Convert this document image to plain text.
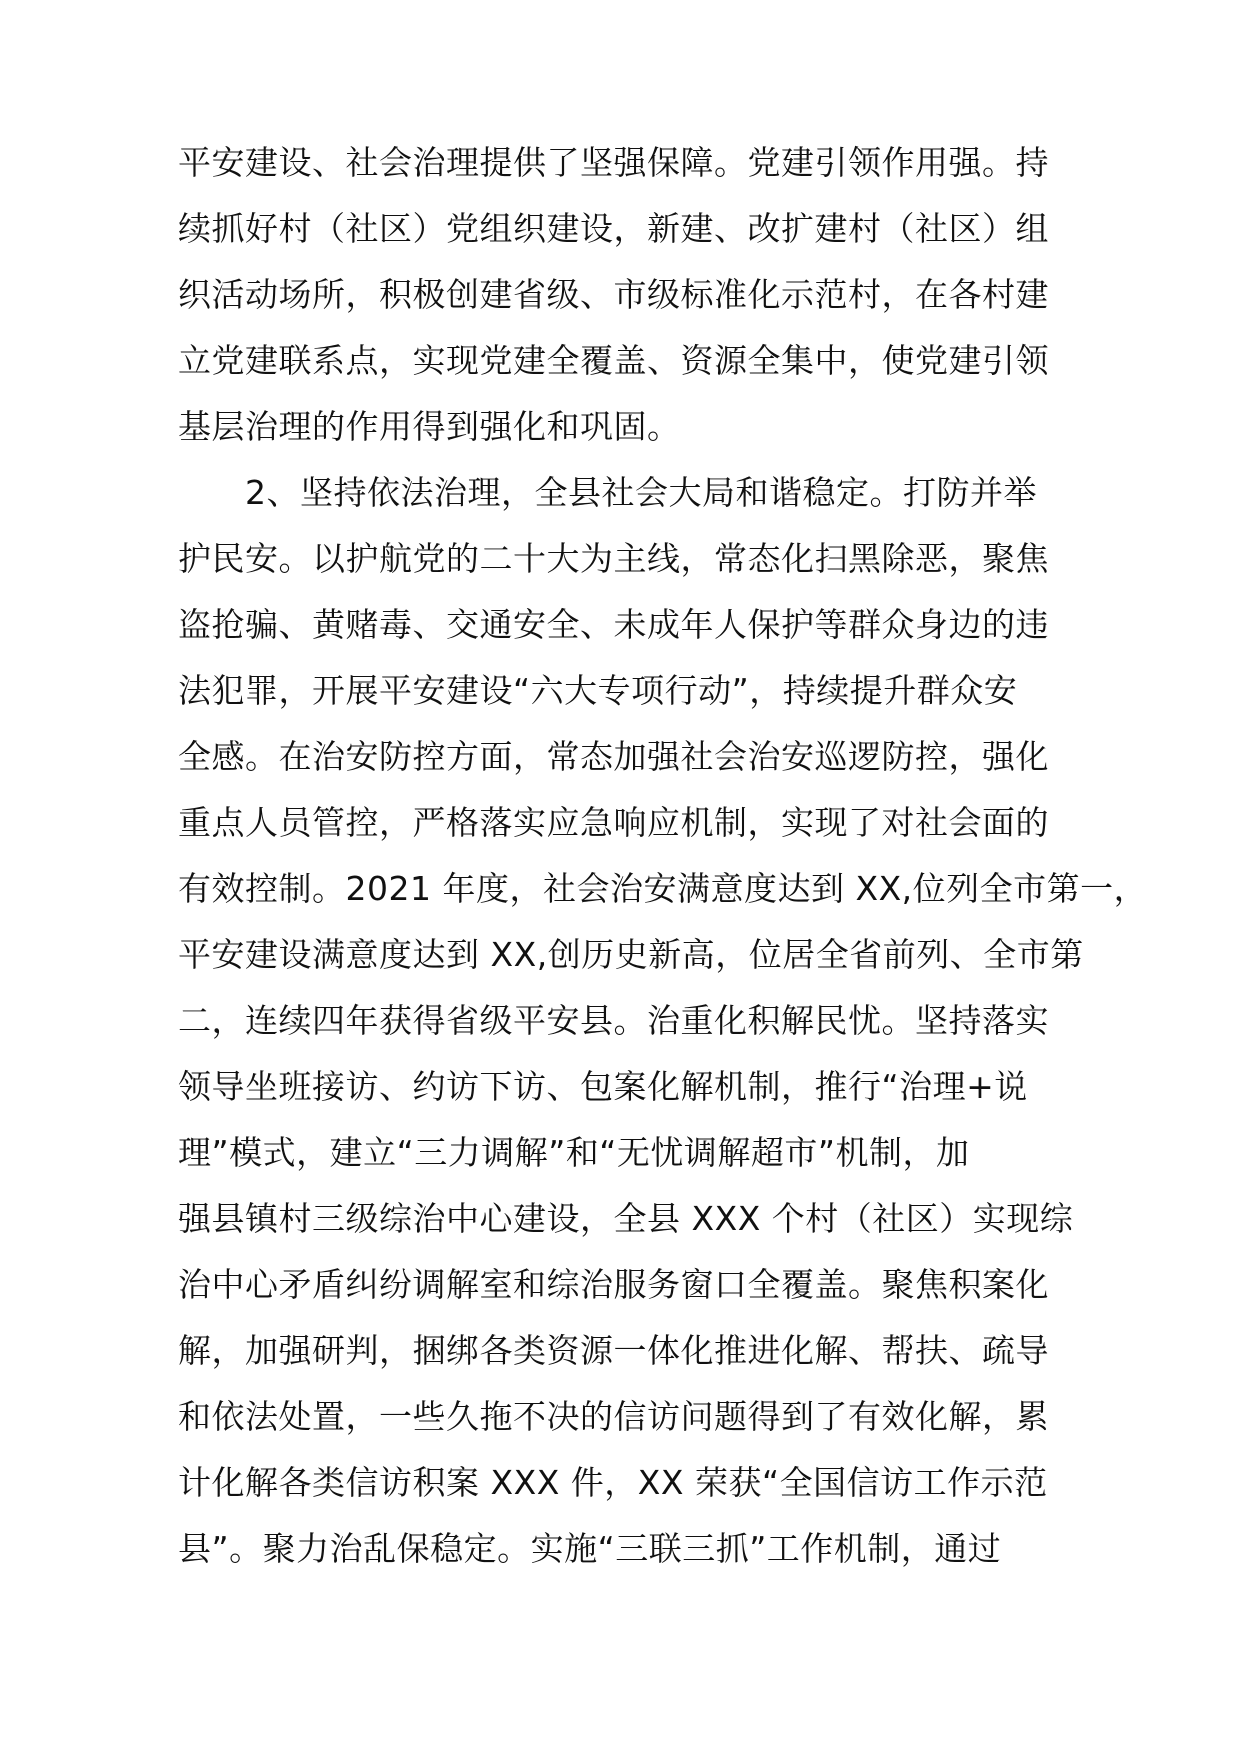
平安建设、社会治理提供了坚强保障。党建引领作用强。持
续抓好村（社区）党组织建设，新建、改扩建村（社区）组
织活动场所，积极创建省级、市级标准化示范村，在各村建
立党建联系点，实现党建全覆盖、资源全集中，使党建引领
基层治理的作用得到强化和巩固。
　　2、坚持依法治理，全县社会大局和谐稳定。打防并举
护民安。以护航党的二十大为主线，常态化扫黑除恶，聚焦
盗抢骗、黄赌毒、交通安全、未成年人保护等群众身边的违
法犯罪，开展平安建设“六大专项行动”，持续提升群众安
全感。在治安防控方面，常态加强社会治安巡逻防控，强化
重点人员管控，严格落实应急响应机制，实现了对社会面的
有效控制。2021 年度，社会治安满意度达到 XX,位列全市第一，
平安建设满意度达到 XX,创历史新高，位居全省前列、全市第
二，连续四年获得省级平安县。治重化积解民忧。坚持落实
领导坐班接访、约访下访、包案化解机制，推行“治理+说
理”模式，建立“三力调解”和“无忧调解超市”机制，加
强县镇村三级综治中心建设，全县 XXX 个村（社区）实现综
治中心矛盾纠纷调解室和综治服务窗口全覆盖。聚焦积案化
解，加强研判，捆绑各类资源一体化推进化解、帮扶、疏导
和依法处置，一些久拖不决的信访问题得到了有效化解，累
计化解各类信访积案 XXX 件，XX 荣获“全国信访工作示范
县”。聚力治乱保稳定。实施“三联三抓”工作机制，通过
